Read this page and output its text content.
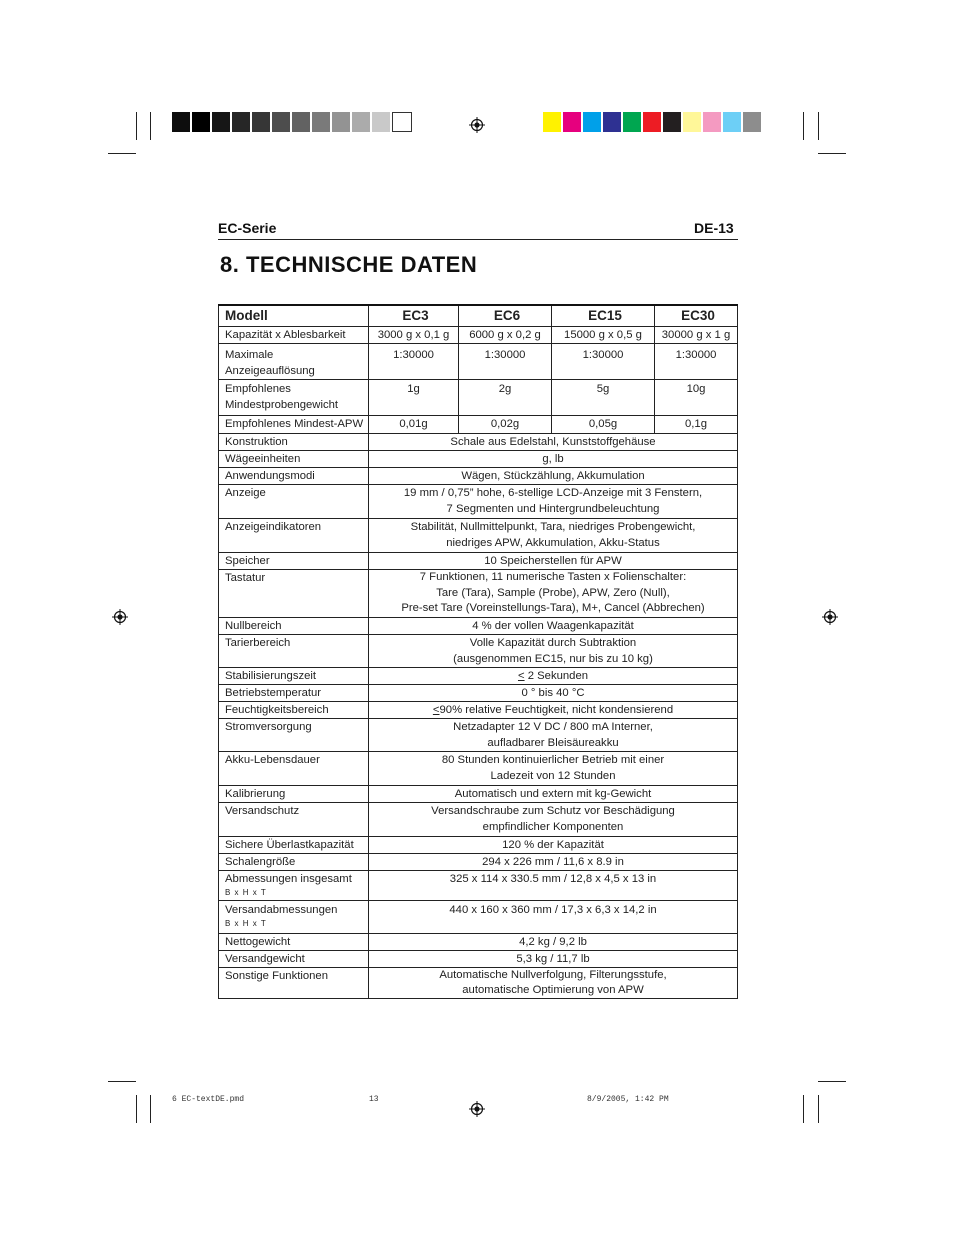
EC-Serie	DE-13
8. TECHNISCHE DATEN
Modell	EC3	EC6	EC15	EC30
Kapazität x Ablesbarkeit	3000 g x 0,1 g	6000 g x 0,2 g	15000 g x 0,5 g	30000 g x 1 g
Maximale
Anzeigeauflösung	1:30000	1:30000	1:30000	1:30000
Empfohlenes
Mindestprobengewicht	1g	2g	5g	10g
Empfohlenes Mindest-APW	0,01g	0,02g	0,05g	0,1g
Konstruktion	Schale aus Edelstahl, Kunststoffgehäuse			
Wägeeinheiten	g, lb			
Anwendungsmodi	Wägen, Stückzählung, Akkumulation			
Anzeige	19 mm / 0,75” hohe, 6-stellige LCD-Anzeige mit 3 Fenstern,
7 Segmenten und Hintergrundbeleuchtung			
Anzeigeindikatoren	Stabilität, Nullmittelpunkt, Tara, niedriges Probengewicht,
niedriges APW, Akkumulation, Akku-Status			
Speicher	10 Speicherstellen für APW			
Tastatur	7 Funktionen, 11 numerische Tasten x Folienschalter:
Tare (Tara), Sample (Probe), APW, Zero (Null),
Pre-set Tare (Voreinstellungs-Tara), M+, Cancel (Abbrechen)			
Nullbereich	4 % der vollen Waagenkapazität			
Tarierbereich	Volle Kapazität durch Subtraktion
(ausgenommen EC15, nur bis zu 10 kg)			
Stabilisierungszeit	≤ 2 Sekunden			
Betriebstemperatur	0 ° bis 40 °C			
Feuchtigkeitsbereich	≤90% relative Feuchtigkeit, nicht kondensierend			
Stromversorgung	Netzadapter 12 V DC / 800 mA Interner,
aufladbarer Bleisäureakku			
Akku-Lebensdauer	80 Stunden kontinuierlicher Betrieb mit einer
Ladezeit von 12 Stunden			
Kalibrierung	Automatisch und extern mit kg-Gewicht			
Versandschutz	Versandschraube zum Schutz vor Beschädigung
empfindlicher Komponenten			
Sichere Überlastkapazität	120 % der Kapazität			
Schalengröße	294 x 226 mm / 11,6 x 8.9 in			
Abmessungen insgesamt
B x H x T	325 x 114 x 330.5 mm / 12,8 x 4,5 x 13 in			
Versandabmessungen
B x H x T	440 x 160 x 360 mm / 17,3 x 6,3 x 14,2 in			
Nettogewicht	4,2 kg / 9,2 lb			
Versandgewicht	5,3 kg / 11,7 lb			
Sonstige Funktionen	Automatische Nullverfolgung, Filterungsstufe,
automatische Optimierung von APW			
6 EC-textDE.pmd	13	8/9/2005, 1:42 PM
